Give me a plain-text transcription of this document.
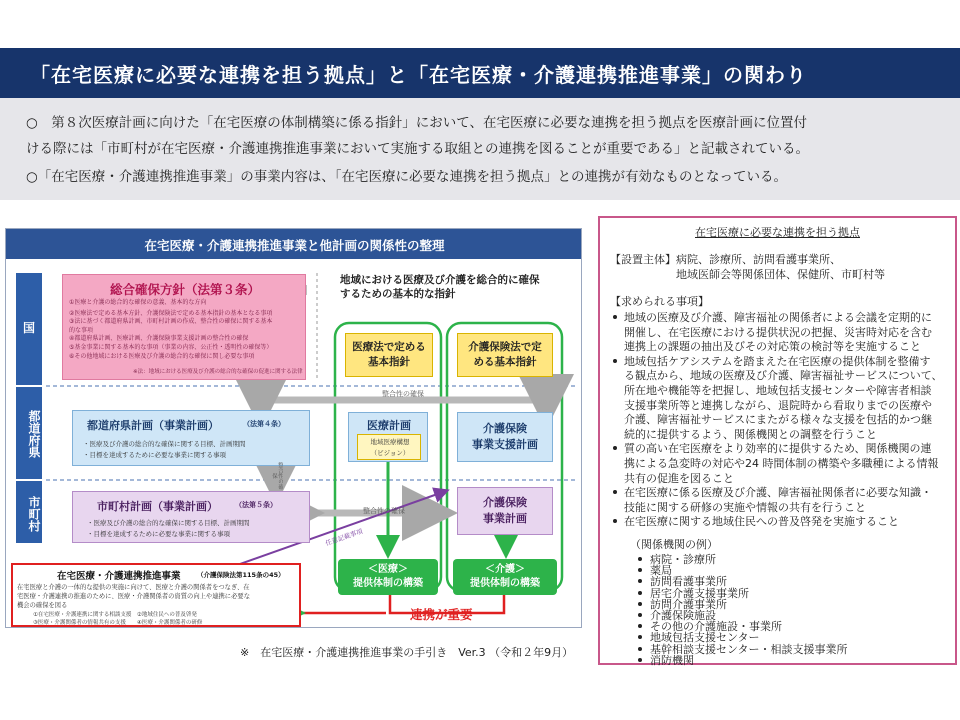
「在宅医療に必要な連携を担う拠点」と「在宅医療・介護連携推進事業」の関わり

○　第８次医療計画に向けた「在宅医療の体制構築に係る指針」において、在宅医療に必要な連携を担う拠点を医療計画に位置付

ける際には「市町村が在宅医療・介護連携推進事業において実施する取組との連携を図ることが重要である」と記載されている。

○「在宅医療・介護連携推進事業」の事業内容は、「在宅医療に必要な連携を担う拠点」との連携が有効なものとなっている。

在宅医療・介護連携推進事業と他計画の関係性の整理
国
都道府県
市町村
総合確保方針（法第３条）
①医療と介護の総合的な確保の意義、基本的な方向
②医療法で定める基本方針、介護保険法で定める基本指針の基本となる事項
③法に基づく都道府県計画、市町村計画の作成、整合性の確保に関する基本
的な事項
④都道府県計画、医療計画、介護保険事業支援計画の整合性の確保
⑤基金事業に関する基本的な事項（事業の内容、公正性・透明性の確保等）
⑥その他地域における医療及び介護の総合的な確保に関し必要な事項
※法：地域における医療及び介護の総合的な確保の促進に関する法律
地域における医療及び介護を総合的に確保
するための基本的な指針
医療法で定める
基本指針
介護保険法で定
める基本指針
整合性の確保
都道府県計画（事業計画）	（法第４条）
・医療及び介護の総合的な確保に関する目標、計画期間
・目標を達成するために必要な事業に関する事項
医療計画
地域医療構想
（ビジョン）
介護保険
事業支援計画
整合性の確保
市町村計画（事業計画） （法第５条）
・医療及び介護の総合的な確保に関する目標、計画期間
・目標を達成するために必要な事業に関する事項
整合性の確保
介護保険
事業計画
任意記載事項
＜医療＞
提供体制の構築
＜介護＞
提供体制の構築
連携が重要
在宅医療・介護連携推進事業	（介護保険法第115条の45）
在宅医療と介護の一体的な提供の実施に向けて、医療と介護の関係者をつなぎ、在
宅医療・介護連携の推進のために、医療・介護関係者の資質の向上や連携に必要な
機会の確保を図る
①在宅医療・介護連携に関する相談支援　②地域住民への普及啓発
③医療・介護関係者の情報共有の支援　　④医療・介護関係者の研修
在宅医療に必要な連携を担う拠点
【設置主体】病院、診療所、訪問看護事業所、
地域医師会等関係団体、保健所、市町村等
【求められる事項】
地域の医療及び介護、障害福祉の関係者による会議を定期的に
開催し、在宅医療における提供状況の把握、災害時対応を含む
連携上の課題の抽出及びその対応策の検討等を実施すること
地域包括ケアシステムを踏まえた在宅医療の提供体制を整備す
る観点から、地域の医療及び介護、障害福祉サービスについて、
所在地や機能等を把握し、地域包括支援センターや障害者相談
支援事業所等と連携しながら、退院時から看取りまでの医療や
介護、障害福祉サービスにまたがる様々な支援を包括的かつ継
続的に提供するよう、関係機関との調整を行うこと
質の高い在宅医療をより効率的に提供するため、関係機関の連
携による急変時の対応や24 時間体制の構築や多職種による情報
共有の促進を図ること
在宅医療に係る医療及び介護、障害福祉関係者に必要な知識・
技能に関する研修の実施や情報の共有を行うこと
在宅医療に関する地域住民への普及啓発を実施すること
（関係機関の例）
病院・診療所
薬局
訪問看護事業所
居宅介護支援事業所
訪問介護事業所
介護保険施設
その他の介護施設・事業所
地域包括支援センター
基幹相談支援センター・相談支援事業所
消防機関
※　在宅医療・介護連携推進事業の手引き　Ver.3 （令和２年9月）
